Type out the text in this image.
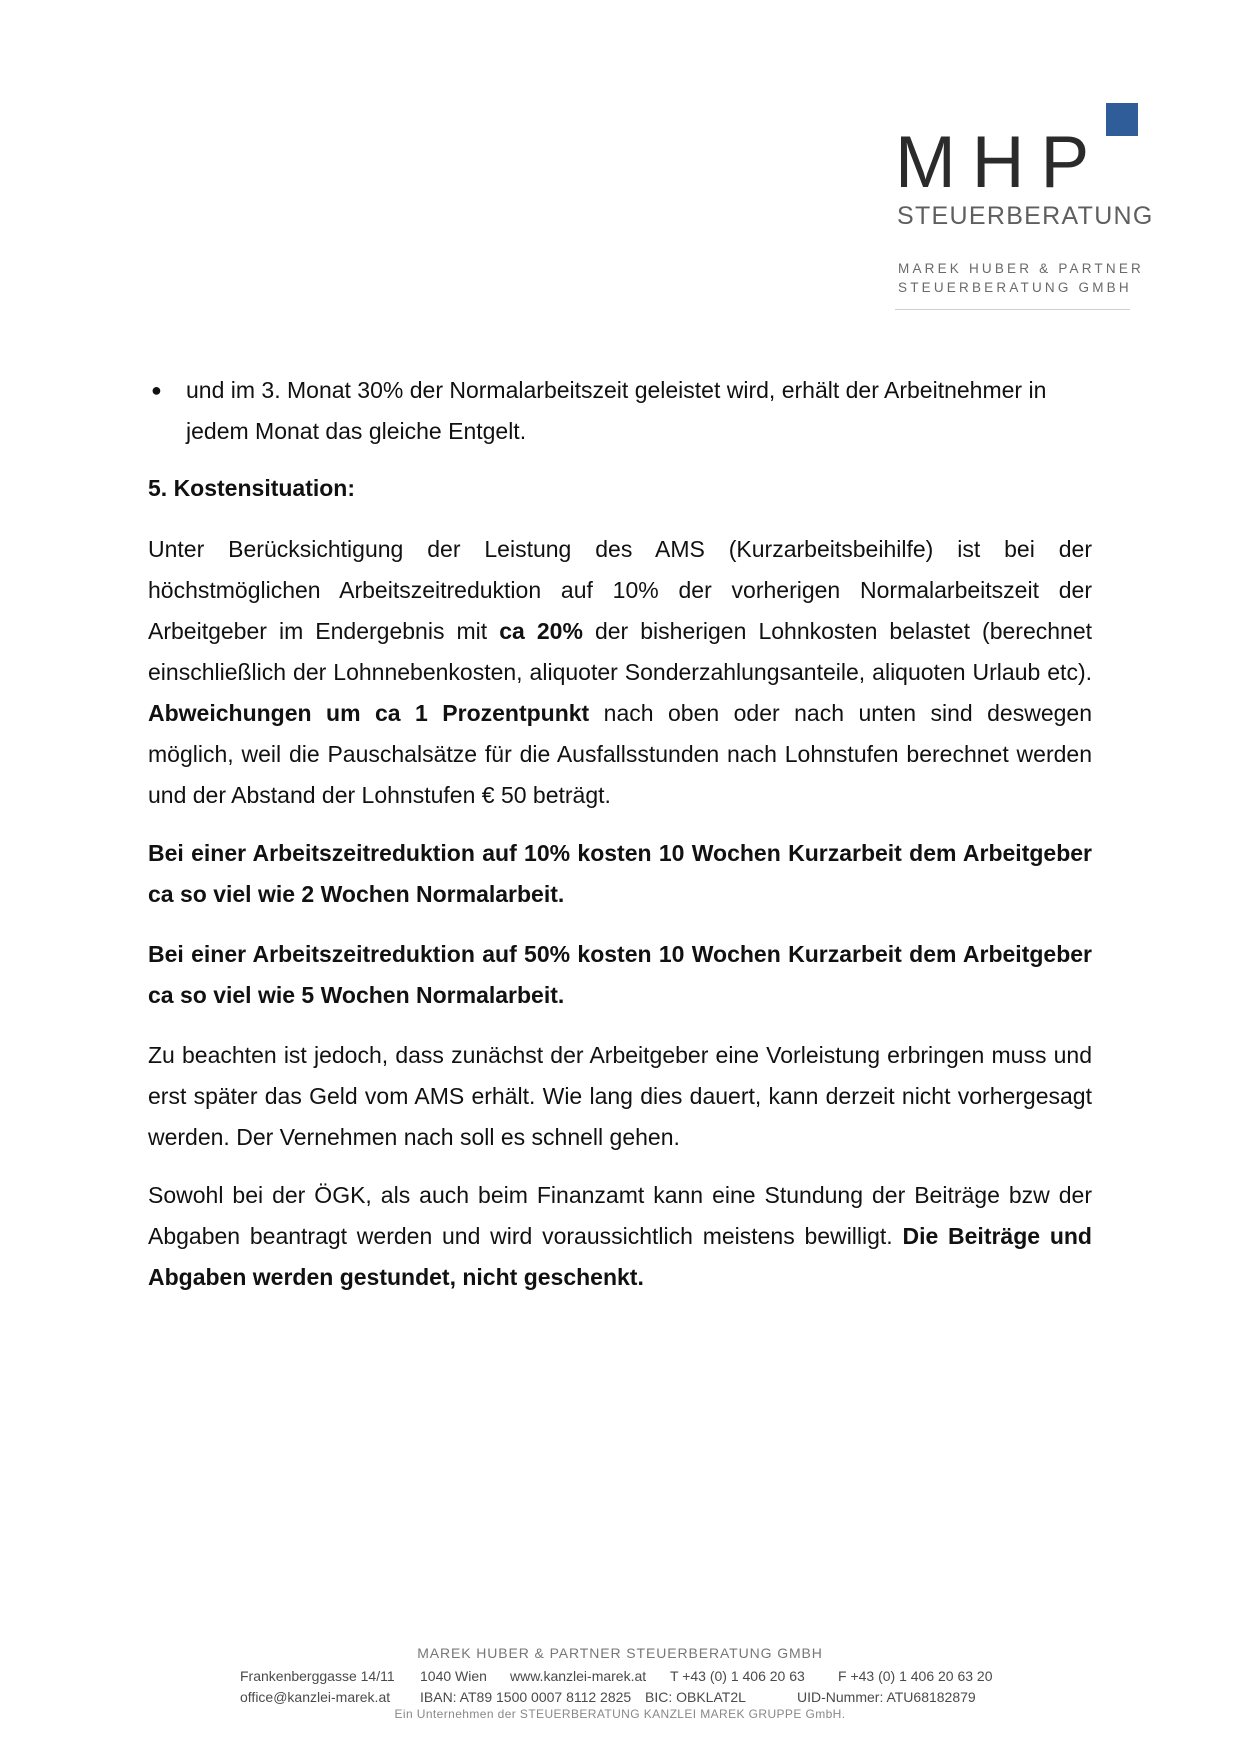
MHP
STEUERBERATUNG
MAREK HUBER & PARTNER
STEUERBERATUNG GMBH
● und im 3. Monat 30% der Normalarbeitszeit geleistet wird, erhält der Arbeitnehmer in jedem Monat das gleiche Entgelt.
5. Kostensituation:

Unter Berücksichtigung der Leistung des AMS (Kurzarbeitsbeihilfe) ist bei der höchstmöglichen Arbeitszeitreduktion auf 10% der vorherigen Normalarbeitszeit der Arbeitgeber im Endergebnis mit ca 20% der bisherigen Lohnkosten belastet (berechnet einschließlich der Lohnnebenkosten, aliquoter Sonderzahlungsanteile, aliquoten Urlaub etc). Abweichungen um ca 1 Prozentpunkt nach oben oder nach unten sind deswegen möglich, weil die Pauschalsätze für die Ausfallsstunden nach Lohnstufen berechnet werden und der Abstand der Lohnstufen € 50 beträgt.

Bei einer Arbeitszeitreduktion auf 10% kosten 10 Wochen Kurzarbeit dem Arbeitgeber ca so viel wie 2 Wochen Normalarbeit.

Bei einer Arbeitszeitreduktion auf 50% kosten 10 Wochen Kurzarbeit dem Arbeitgeber ca so viel wie 5 Wochen Normalarbeit.

Zu beachten ist jedoch, dass zunächst der Arbeitgeber eine Vorleistung erbringen muss und erst später das Geld vom AMS erhält. Wie lang dies dauert, kann derzeit nicht vorhergesagt werden. Der Vernehmen nach soll es schnell gehen.

Sowohl bei der ÖGK, als auch beim Finanzamt kann eine Stundung der Beiträge bzw der Abgaben beantragt werden und wird voraussichtlich meistens bewilligt. Die Beiträge und Abgaben werden gestundet, nicht geschenkt.

MAREK HUBER & PARTNER STEUERBERATUNG GMBH
Frankenberggasse 14/11 1040 Wien www.kanzlei-marek.at T +43 (0) 1 406 20 63 F +43 (0) 1 406 20 63 20
office@kanzlei-marek.at IBAN: AT89 1500 0007 8112 2825 BIC: OBKLAT2L	UID-Nummer: ATU68182879
Ein Unternehmen der STEUERBERATUNG KANZLEI MAREK GRUPPE GmbH.
